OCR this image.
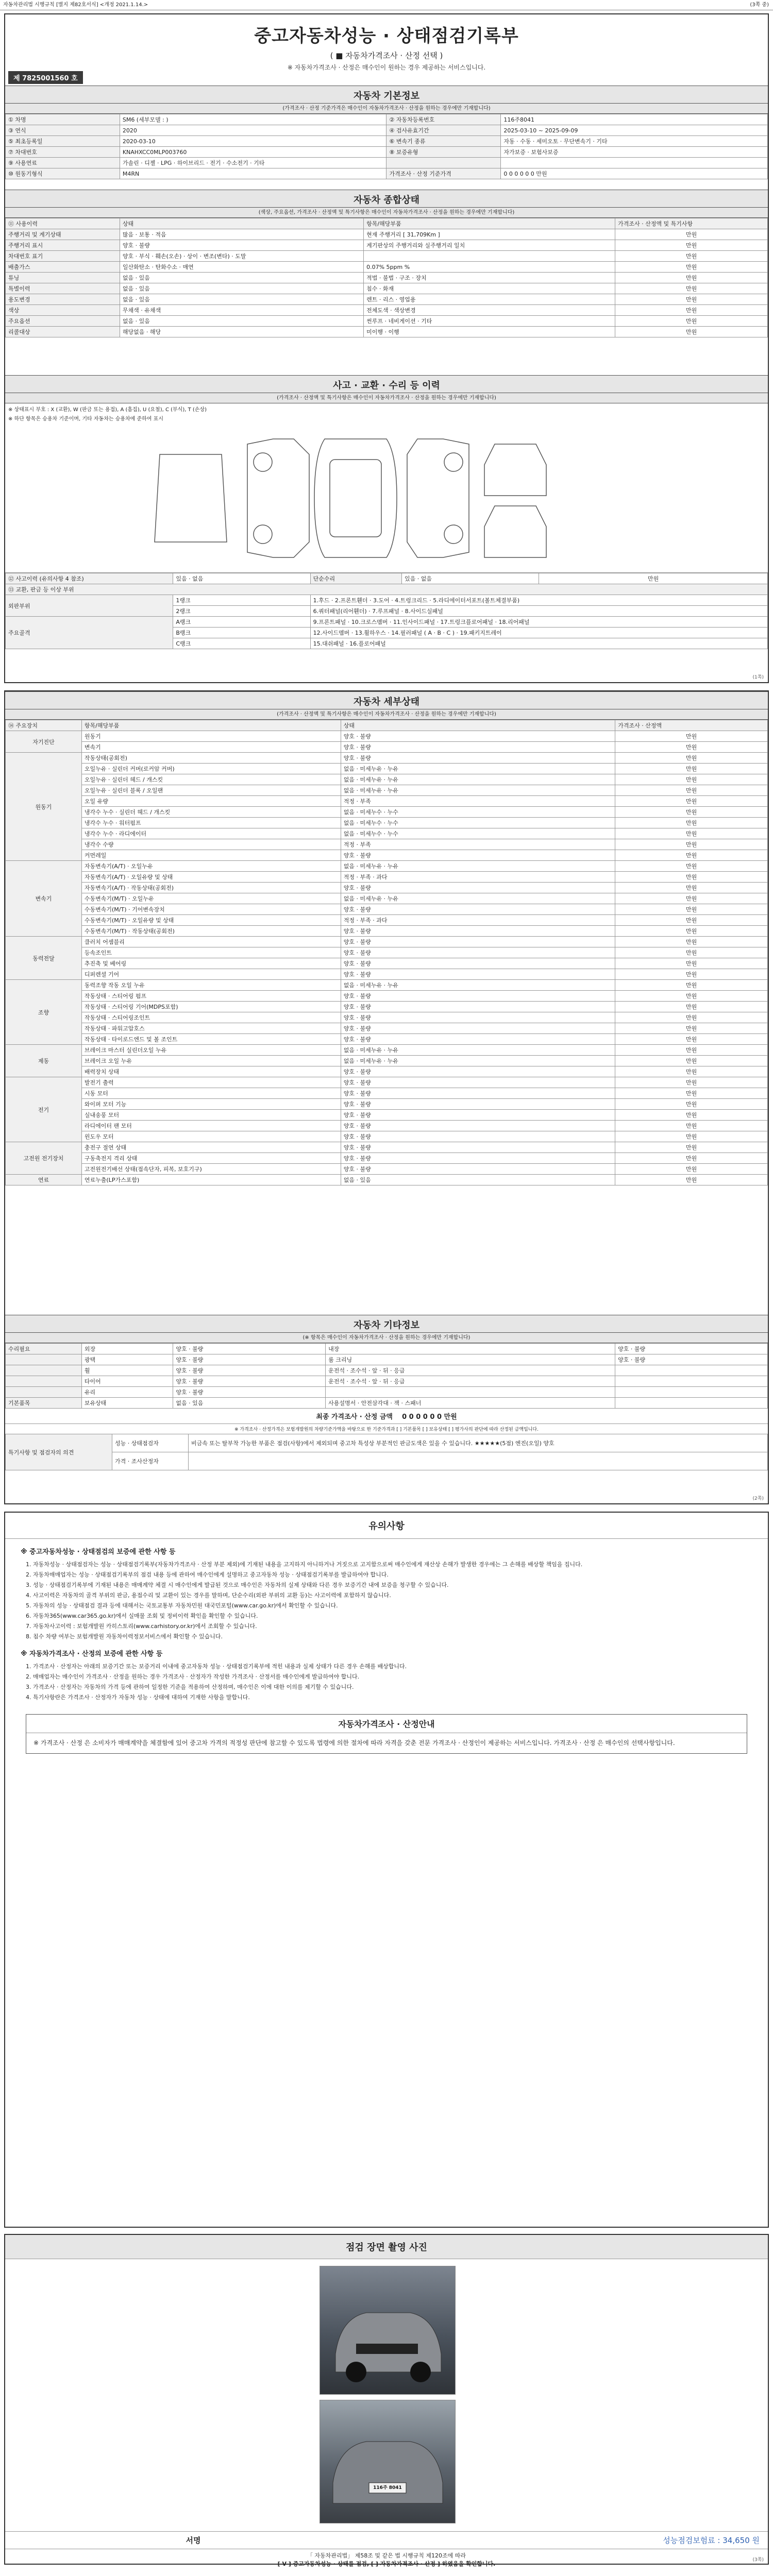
자동차관리법 시행규칙 [별지 제82호서식] <개정 2021.1.14.>	(3쪽 중)
중고자동차성능 · 상태점검기록부
( ■ 자동차가격조사 · 산정 선택 )
※ 자동차가격조사 · 산정은 매수인이 원하는 경우 제공하는 서비스입니다.
제 7825001560 호
자동차 기본정보
(가격조사 · 산정 기준가격은 매수인이 자동차가격조사 · 산정을 원하는 경우에만 기재합니다)
① 차명	SM6 (세부모델 : )	② 자동차등록번호	116주8041
③ 연식	2020	④ 검사유효기간	2025-03-10 ~ 2025-09-09
⑤ 최초등록일	2020-03-10	⑥ 변속기 종류	자동 · 수동 · 세미오토 · 무단변속기 · 기타
⑦ 차대번호	KNAHXCC0MLP003760	⑧ 보증유형	자가보증 · 보험사보증
⑨ 사용연료	가솔린 · 디젤 · LPG · 하이브리드 · 전기 · 수소전기 · 기타		
⑩ 원동기형식	M4RN	가격조사 · 산정 기준가격	0 0 0 0 0 0 만원
자동차 종합상태
(색상, 주요옵션, 가격조사 · 산정액 및 특기사항은 매수인이 자동차가격조사 · 산정을 원하는 경우에만 기재합니다)
⑪ 사용이력	상태	항목/해당부품	가격조사 · 산정액 및 특기사항
주행거리 및 계기상태	많음 · 보통 · 적음	현재 주행거리 [ 31,709Km ]	만원
주행거리 표시	양호 · 불량	계기판상의 주행거리와 실주행거리 일치	만원
차대번호 표기	양호 · 부식 · 훼손(오손) · 상이 · 변조(변타) · 도말		만원
배출가스	일산화탄소 · 탄화수소 · 매연	0.07% 5ppm %	만원
튜닝	없음 · 있음	적법 · 불법 · 구조 · 장치	만원
특별이력	없음 · 있음	침수 · 화재	만원
용도변경	없음 · 있음	렌트 · 리스 · 영업용	만원
색상	무채색 · 유채색	전체도색 · 색상변경	만원
주요옵션	없음 · 있음	썬루프 · 네비게이션 · 기타	만원
리콜대상	해당없음 · 해당	미이행 · 이행	만원
사고 · 교환 · 수리 등 이력
(가격조사 · 산정액 및 특기사항은 매수인이 자동차가격조사 · 산정을 원하는 경우에만 기재합니다)
※ 상태표시 부호 : X (교환), W (판금 또는 용접), A (흠집), U (요철), C (부식), T (손상)
※ 하단 항목은 승용차 기준이며, 기타 자동차는 승용차에 준하여 표시
⑫ 사고이력 (유의사항 4 참조)	있음 · 없음	단순수리	있음 · 없음	만원
⑬ 교환, 판금 등 이상 부위				
외판부위	1랭크	1.후드 · 2.프론트휀더 · 3.도어 · 4.트렁크리드 · 5.라디에이터서포트(볼트체결부품)		
	2랭크	6.쿼터패널(리어휀더) · 7.루프패널 · 8.사이드실패널		
주요골격	A랭크	9.프론트패널 · 10.크로스멤버 · 11.인사이드패널 · 17.트렁크플로어패널 · 18.리어패널		
	B랭크	12.사이드멤버 · 13.휠하우스 · 14.필러패널 ( A · B · C ) · 19.패키지트레이		
	C랭크	15.대쉬패널 · 16.플로어패널		
(1쪽)
자동차 세부상태
(가격조사 · 산정액 및 특기사항은 매수인이 자동차가격조사 · 산정을 원하는 경우에만 기재합니다)
⑭ 주요장치	항목/해당부품	상태	가격조사 · 산정액
자기진단	원동기	양호 · 불량	만원
	변속기	양호 · 불량	만원
원동기	작동상태(공회전)	양호 · 불량	만원
	오일누유 · 실린더 커버(로커암 커버)	없음 · 미세누유 · 누유	만원
	오일누유 · 실린더 헤드 / 개스킷	없음 · 미세누유 · 누유	만원
	오일누유 · 실린더 블록 / 오일팬	없음 · 미세누유 · 누유	만원
	오일 유량	적정 · 부족	만원
	냉각수 누수 · 실린더 헤드 / 개스킷	없음 · 미세누수 · 누수	만원
	냉각수 누수 · 워터펌프	없음 · 미세누수 · 누수	만원
	냉각수 누수 · 라디에이터	없음 · 미세누수 · 누수	만원
	냉각수 수량	적정 · 부족	만원
	커먼레일	양호 · 불량	만원
변속기	자동변속기(A/T) · 오일누유	없음 · 미세누유 · 누유	만원
	자동변속기(A/T) · 오일유량 및 상태	적정 · 부족 · 과다	만원
	자동변속기(A/T) · 작동상태(공회전)	양호 · 불량	만원
	수동변속기(M/T) · 오일누유	없음 · 미세누유 · 누유	만원
	수동변속기(M/T) · 기어변속장치	양호 · 불량	만원
	수동변속기(M/T) · 오일유량 및 상태	적정 · 부족 · 과다	만원
	수동변속기(M/T) · 작동상태(공회전)	양호 · 불량	만원
동력전달	클러치 어셈블리	양호 · 불량	만원
	등속조인트	양호 · 불량	만원
	추진축 및 베어링	양호 · 불량	만원
	디퍼렌셜 기어	양호 · 불량	만원
조향	동력조향 작동 오일 누유	없음 · 미세누유 · 누유	만원
	작동상태 · 스티어링 펌프	양호 · 불량	만원
	작동상태 · 스티어링 기어(MDPS포함)	양호 · 불량	만원
	작동상태 · 스티어링조인트	양호 · 불량	만원
	작동상태 · 파워고압호스	양호 · 불량	만원
	작동상태 · 타이로드엔드 및 볼 조인트	양호 · 불량	만원
제동	브레이크 마스터 실린더오일 누유	없음 · 미세누유 · 누유	만원
	브레이크 오일 누유	없음 · 미세누유 · 누유	만원
	배력장치 상태	양호 · 불량	만원
전기	발전기 출력	양호 · 불량	만원
	시동 모터	양호 · 불량	만원
	와이퍼 모터 기능	양호 · 불량	만원
	실내송풍 모터	양호 · 불량	만원
	라디에이터 팬 모터	양호 · 불량	만원
	윈도우 모터	양호 · 불량	만원
고전원 전기장치	충전구 절연 상태	양호 · 불량	만원
	구동축전지 격리 상태	양호 · 불량	만원
	고전원전기배선 상태(접속단자, 피복, 보호기구)	양호 · 불량	만원
연료	연료누출(LP가스포함)	없음 · 있음	만원
자동차 기타정보
(※ 항목은 매수인이 자동차가격조사 · 산정을 원하는 경우에만 기재합니다)
수리필요	외장	양호 · 불량	내장	양호 · 불량
	광택	양호 · 불량	룸 크리닝	양호 · 불량
	휠	양호 · 불량	운전석 · 조수석 · 앞 · 뒤 · 응급	
	타이어	양호 · 불량	운전석 · 조수석 · 앞 · 뒤 · 응급	
	유리	양호 · 불량		
기본품목	보유상태	없음 · 있음	사용설명서 · 안전삼각대 · 잭 · 스패너	
최종 가격조사 · 산정 금액 0 0 0 0 0 0 만원
※ 가격조사 · 산정가격은 보험개발원의 차량기준가액을 바탕으로 한 기준가격과 [ ] 기본품목 [ ] 보유상태 [ ] 평가사의 판단에 따라 산정된 금액입니다.
특기사항 및 점검자의 의견	성능 · 상태점검자	비금속 또는 탈부착 가능한 부품은 점검(사항)에서 제외되며 중고차 특성상 부분적인 판금도색은 있을 수 있습니다. ★★★★★(5점) 엔진(오일) 양호
	가격 · 조사산정자	
(2쪽)
유의사항
※ 중고자동차성능 · 상태점검의 보증에 관한 사항 등

1. 자동차성능 · 상태점검자는 성능 · 상태점검기록부(자동차가격조사 · 산정 부분 제외)에 기재된 내용을 고지하지 아니하거나 거짓으로 고지함으로써 매수인에게 재산상 손해가 발생한 경우에는 그 손해를 배상할 책임을 집니다.

2. 자동차매매업자는 성능 · 상태점검기록부의 점검 내용 등에 관하여 매수인에게 설명하고 중고자동차 성능 · 상태점검기록부를 발급하여야 합니다.

3. 성능 · 상태점검기록부에 기재된 내용은 매매계약 체결 시 매수인에게 발급된 것으로 매수인은 자동차의 실제 상태와 다른 경우 보증기간 내에 보증을 청구할 수 있습니다.

4. 사고이력은 자동차의 골격 부위의 판금, 용접수리 및 교환이 있는 경우를 말하며, 단순수리(외판 부위의 교환 등)는 사고이력에 포함하지 않습니다.

5. 자동차의 성능 · 상태점검 결과 등에 대해서는 국토교통부 자동차민원 대국민포털(www.car.go.kr)에서 확인할 수 있습니다.

6. 자동차365(www.car365.go.kr)에서 실매물 조회 및 정비이력 확인을 확인할 수 있습니다.

7. 자동차사고이력 : 보험개발원 카히스토리(www.carhistory.or.kr)에서 조회할 수 있습니다.

8. 침수 차량 여부는 보험개발원 자동차이력정보서비스에서 확인할 수 있습니다.

※ 자동차가격조사 · 산정의 보증에 관한 사항 등

1. 가격조사 · 산정자는 아래의 보증기간 또는 보증거리 이내에 중고자동차 성능 · 상태점검기록부에 적힌 내용과 실제 상태가 다른 경우 손해를 배상합니다.

2. 매매업자는 매수인이 가격조사 · 산정을 원하는 경우 가격조사 · 산정자가 작성한 가격조사 · 산정서를 매수인에게 발급하여야 합니다.

3. 가격조사 · 산정자는 자동차의 가격 등에 관하여 일정한 기준을 적용하여 산정하며, 매수인은 이에 대한 이의를 제기할 수 있습니다.

4. 특기사항란은 가격조사 · 산정자가 자동차 성능 · 상태에 대하여 기재한 사항을 말합니다.

자동차가격조사 · 산정안내
※ 가격조사 · 산정 은 소비자가 매매계약을 체결함에 있어 중고차 가격의 적정성 판단에 참고할 수 있도록 법령에 의한 절차에 따라 자격을 갖춘 전문 가격조사 · 산정인이 제공하는 서비스입니다. 가격조사 · 산정 은 매수인의 선택사항입니다.
점검 장면 촬영 사진
116주 8041
서명	성능점검보험료 : 34,650 원
「 자동차관리법」 제58조 및 같은 법 시행규칙 제120조에 따라
[ V ] 중고자동차성능 · 상태를 점검, [ ] 자동차가격조사 · 산정 ] 하였음을 확인합니다.
(3쪽)
